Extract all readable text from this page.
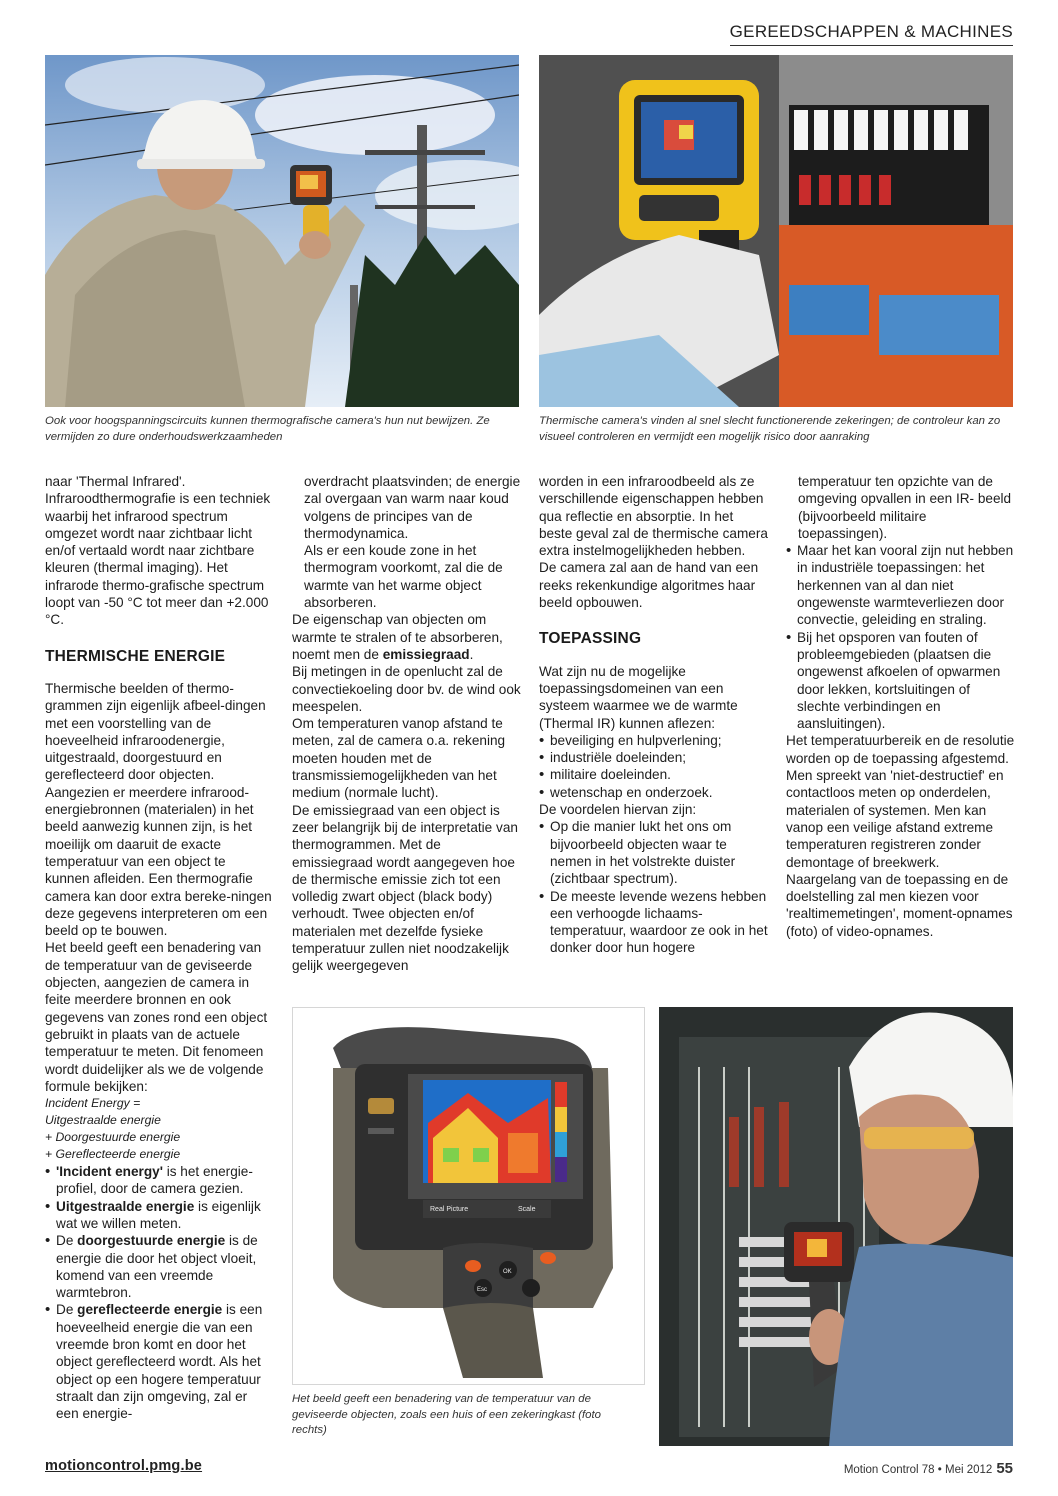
GEREEDSCHAPPEN & MACHINES
Ook voor hoogspanningscircuits kunnen thermografische camera's hun nut bewijzen. Ze vermijden zo dure onderhoudswerkzaamheden
Thermische camera's vinden al snel slecht functionerende zekeringen; de controleur kan zo visueel controleren en vermijdt een mogelijk risico door aanraking

naar 'Thermal Infrared'. Infraroodthermografie is een techniek waarbij het infrarood spectrum omgezet wordt naar zichtbaar licht en/of vertaald wordt naar zichtbare kleuren (thermal imaging). Het infrarode thermo-grafische spectrum loopt van -50 °C tot meer dan +2.000 °C.

THERMISCHE ENERGIE

Thermische beelden of thermo-grammen zijn eigenlijk afbeel-dingen met een voorstelling van de hoeveelheid infraroodenergie, uitgestraald, doorgestuurd en gereflecteerd door objecten. Aangezien er meerdere infrarood-energiebronnen (materialen) in het beeld aanwezig kunnen zijn, is het moeilijk om daaruit de exacte temperatuur van een object te kunnen afleiden. Een thermografie camera kan door extra bereke-ningen deze gegevens interpreteren om een beeld op te bouwen.

Het beeld geeft een benadering van de temperatuur van de geviseerde objecten, aangezien de camera in feite meerdere bronnen en ook gegevens van zones rond een object gebruikt in plaats van de actuele temperatuur te meten. Dit fenomeen wordt duidelijker als we de volgende formule bekijken:

Incident Energy =
Uitgestraalde energie
+ Doorgestuurde energie
+ Gereflecteerde energie
• 'Incident energy' is het energie-profiel, door de camera gezien.
• Uitgestraalde energie is eigenlijk wat we willen meten.
• De doorgestuurde energie is de energie die door het object vloeit, komend van een vreemde warmtebron.
• De gereflecteerde energie is een hoeveelheid energie die van een vreemde bron komt en door het object gereflecteerd wordt. Als het object op een hogere temperatuur straalt dan zijn omgeving, zal er een energie-

overdracht plaatsvinden; de energie zal overgaan van warm naar koud volgens de principes van de thermodynamica.

Als er een koude zone in het thermogram voorkomt, zal die de warmte van het warme object absorberen.

De eigenschap van objecten om warmte te stralen of te absorberen, noemt men de emissiegraad.

Bij metingen in de openlucht zal de convectiekoeling door bv. de wind ook meespelen.

Om temperaturen vanop afstand te meten, zal de camera o.a. rekening moeten houden met de transmissiemogelijkheden van het medium (normale lucht).

De emissiegraad van een object is zeer belangrijk bij de interpretatie van thermogrammen. Met de emissiegraad wordt aangegeven hoe de thermische emissie zich tot een volledig zwart object (black body) verhoudt. Twee objecten en/of materialen met dezelfde fysieke temperatuur zullen niet noodzakelijk gelijk weergegeven

worden in een infraroodbeeld als ze verschillende eigenschappen hebben qua reflectie en absorptie. In het beste geval zal de thermische camera extra instelmogelijkheden hebben.

De camera zal aan de hand van een reeks rekenkundige algoritmes haar beeld opbouwen.

TOEPASSING

Wat zijn nu de mogelijke toepassingsdomeinen van een systeem waarmee we de warmte (Thermal IR) kunnen aflezen:

• beveiliging en hulpverlening;
• industriële doeleinden;
• militaire doeleinden.
• wetenschap en onderzoek.

De voordelen hiervan zijn:

• Op die manier lukt het ons om bijvoorbeeld objecten waar te nemen in het volstrekte duister (zichtbaar spectrum).
• De meeste levende wezens hebben een verhoogde lichaams-temperatuur, waardoor ze ook in het donker door hun hogere

temperatuur ten opzichte van de omgeving opvallen in een IR- beeld (bijvoorbeeld militaire toepassingen).

• Maar het kan vooral zijn nut hebben in industriële toepassingen: het herkennen van al dan niet ongewenste warmteverliezen door convectie, geleiding en straling.
• Bij het opsporen van fouten of probleemgebieden (plaatsen die ongewenst afkoelen of opwarmen door lekken, kortsluitingen of slechte verbindingen en aansluitingen).

Het temperatuurbereik en de resolutie worden op de toepassing afgestemd.

Men spreekt van 'niet-destructief' en contactloos meten op onderdelen, materialen of systemen. Men kan vanop een veilige afstand extreme temperaturen registreren zonder demontage of breekwerk.

Naargelang van de toepassing en de doelstelling zal men kiezen voor 'realtimemetingen', moment-opnames (foto) of video-opnames.

Real Picture	Scale
OK
Esc
Het beeld geeft een benadering van de temperatuur van de geviseerde objecten, zoals een huis of een zekeringkast (foto rechts)
motioncontrol.pmg.be	Motion Control 78 • Mei 2012 55
